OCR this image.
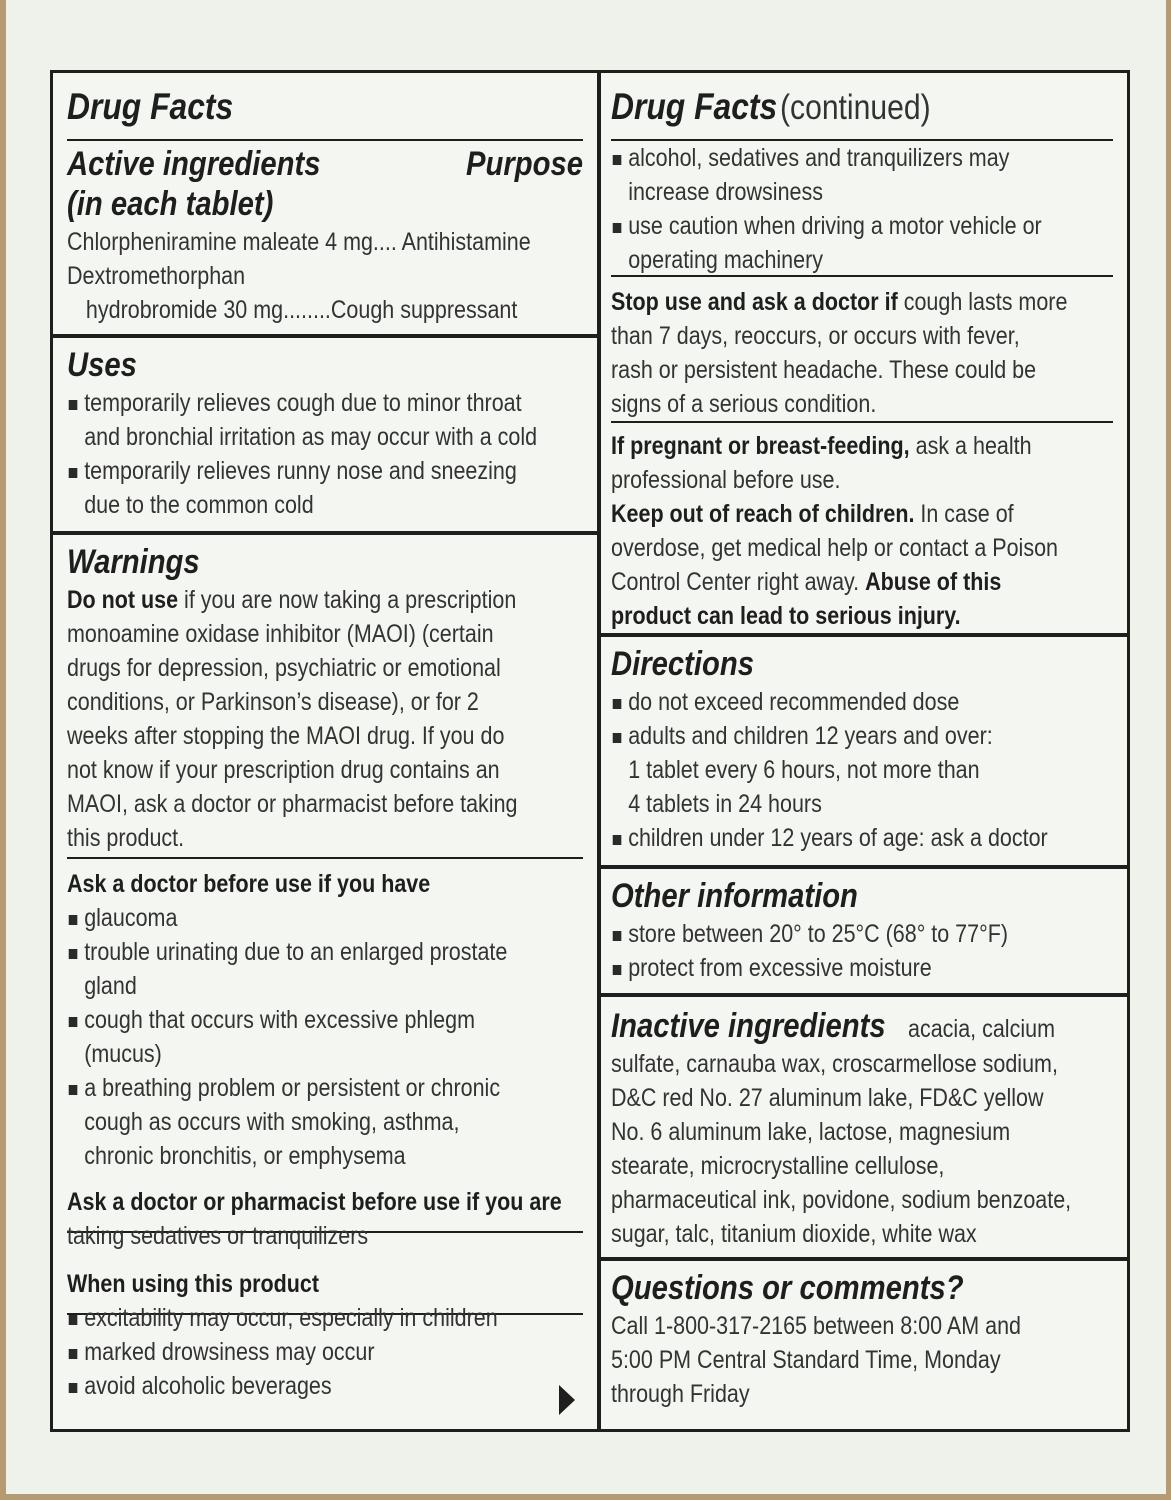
Drug Facts
Active ingredients
(in each tablet)
Purpose
Chlorpheniramine maleate 4 mg.... Antihistamine
Dextromethorphan
hydrobromide 30 mg........Cough suppressant
Uses
temporarily relieves cough due to minor throat
and bronchial irritation as may occur with a cold
temporarily relieves runny nose and sneezing
due to the common cold
Warnings
Do not use if you are now taking a prescription
monoamine oxidase inhibitor (MAOI) (certain
drugs for depression, psychiatric or emotional
conditions, or Parkinson’s disease), or for 2
weeks after stopping the MAOI drug. If you do
not know if your prescription drug contains an
MAOI, ask a doctor or pharmacist before taking
this product.
Ask a doctor before use if you have
glaucoma
trouble urinating due to an enlarged prostate
gland
cough that occurs with excessive phlegm
(mucus)
a breathing problem or persistent or chronic
cough as occurs with smoking, asthma,
chronic bronchitis, or emphysema
Ask a doctor or pharmacist before use if you are
taking sedatives or tranquilizers
When using this product
excitability may occur, especially in children
marked drowsiness may occur
avoid alcoholic beverages
Drug Facts(continued)
alcohol, sedatives and tranquilizers may
increase drowsiness
use caution when driving a motor vehicle or
operating machinery
Stop use and ask a doctor if cough lasts more
than 7 days, reoccurs, or occurs with fever,
rash or persistent headache. These could be
signs of a serious condition.
If pregnant or breast-feeding, ask a health
professional before use.
Keep out of reach of children. In case of
overdose, get medical help or contact a Poison
Control Center right away. Abuse of this
product can lead to serious injury.
Directions
do not exceed recommended dose
adults and children 12 years and over:
1 tablet every 6 hours, not more than
4 tablets in 24 hours
children under 12 years of age: ask a doctor
Other information
store between 20° to 25°C (68° to 77°F)
protect from excessive moisture
Inactive ingredients acacia, calcium
sulfate, carnauba wax, croscarmellose sodium,
D&C red No. 27 aluminum lake, FD&C yellow
No. 6 aluminum lake, lactose, magnesium
stearate, microcrystalline cellulose,
pharmaceutical ink, povidone, sodium benzoate,
sugar, talc, titanium dioxide, white wax
Questions or comments?
Call 1-800-317-2165 between 8:00 AM and
5:00 PM Central Standard Time, Monday
through Friday
